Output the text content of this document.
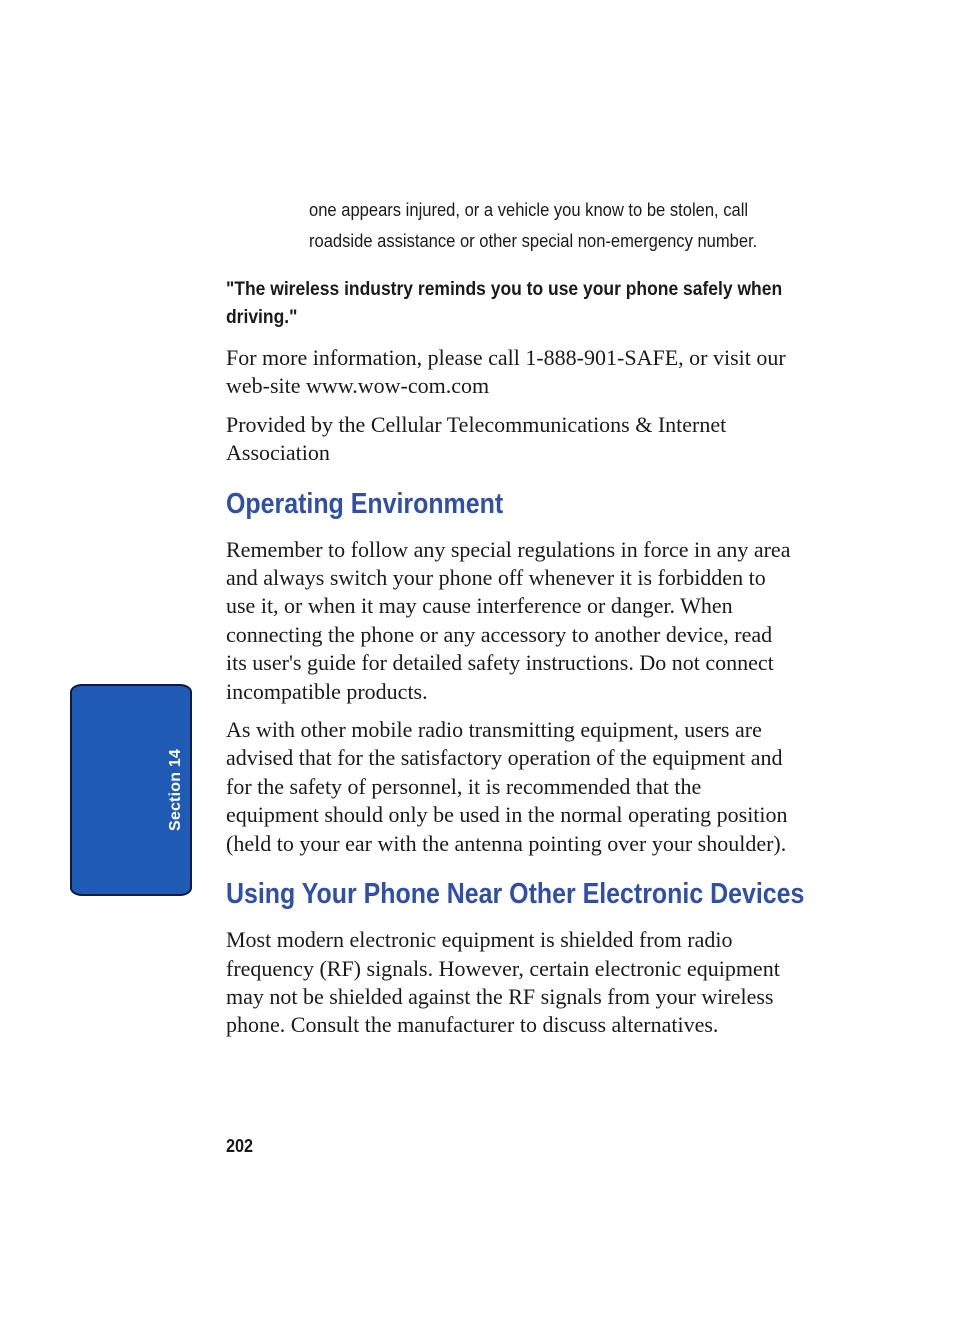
Section 14

one appears injured, or a vehicle you know to be stolen, call roadside assistance or other special non-emergency number.

"The wireless industry reminds you to use your phone safely when driving."

For more information, please call 1-888-901-SAFE, or visit our web-site www.wow-com.com

Provided by the Cellular Telecommunications & Internet Association

Operating Environment

Remember to follow any special regulations in force in any area and always switch your phone off whenever it is forbidden to use it, or when it may cause interference or danger. When connecting the phone or any accessory to another device, read its user's guide for detailed safety instructions. Do not connect incompatible products.

As with other mobile radio transmitting equipment, users are advised that for the satisfactory operation of the equipment and for the safety of personnel, it is recommended that the equipment should only be used in the normal operating position (held to your ear with the antenna pointing over your shoulder).

Using Your Phone Near Other Electronic Devices

Most modern electronic equipment is shielded from radio frequency (RF) signals. However, certain electronic equipment may not be shielded against the RF signals from your wireless phone. Consult the manufacturer to discuss alternatives.

202
